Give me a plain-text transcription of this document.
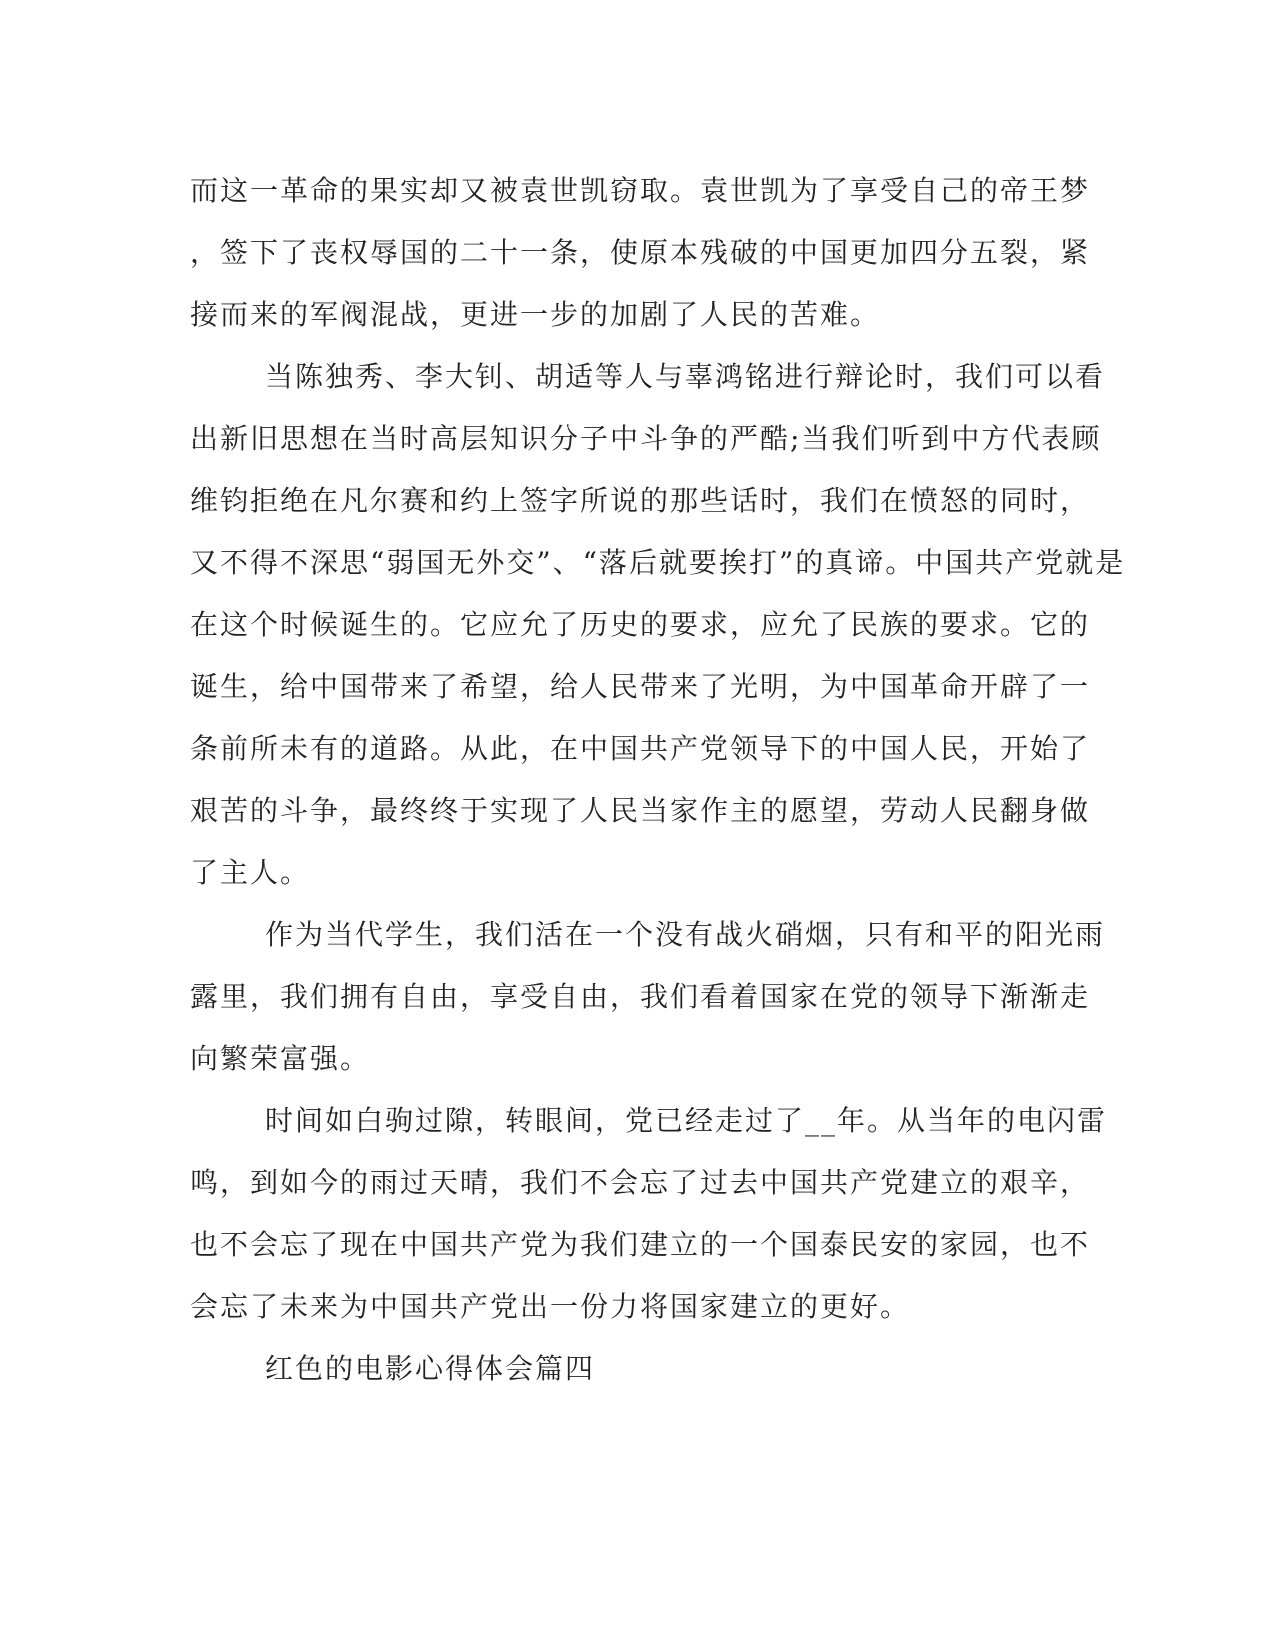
而这一革命的果实却又被袁世凯窃取。袁世凯为了享受自己的帝王梦
，签下了丧权辱国的二十一条，使原本残破的中国更加四分五裂，紧
接而来的军阀混战，更进一步的加剧了人民的苦难。
当陈独秀、李大钊、胡适等人与辜鸿铭进行辩论时，我们可以看
出新旧思想在当时高层知识分子中斗争的严酷;当我们听到中方代表顾
维钧拒绝在凡尔赛和约上签字所说的那些话时，我们在愤怒的同时，
又不得不深思“弱国无外交”、“落后就要挨打”的真谛。中国共产党就是
在这个时候诞生的。它应允了历史的要求，应允了民族的要求。它的
诞生，给中国带来了希望，给人民带来了光明，为中国革命开辟了一
条前所未有的道路。从此，在中国共产党领导下的中国人民，开始了
艰苦的斗争，最终终于实现了人民当家作主的愿望，劳动人民翻身做
了主人。
作为当代学生，我们活在一个没有战火硝烟，只有和平的阳光雨
露里，我们拥有自由，享受自由，我们看着国家在党的领导下渐渐走
向繁荣富强。
时间如白驹过隙，转眼间，党已经走过了__年。从当年的电闪雷
鸣，到如今的雨过天晴，我们不会忘了过去中国共产党建立的艰辛，
也不会忘了现在中国共产党为我们建立的一个国泰民安的家园，也不
会忘了未来为中国共产党出一份力将国家建立的更好。
红色的电影心得体会篇四
